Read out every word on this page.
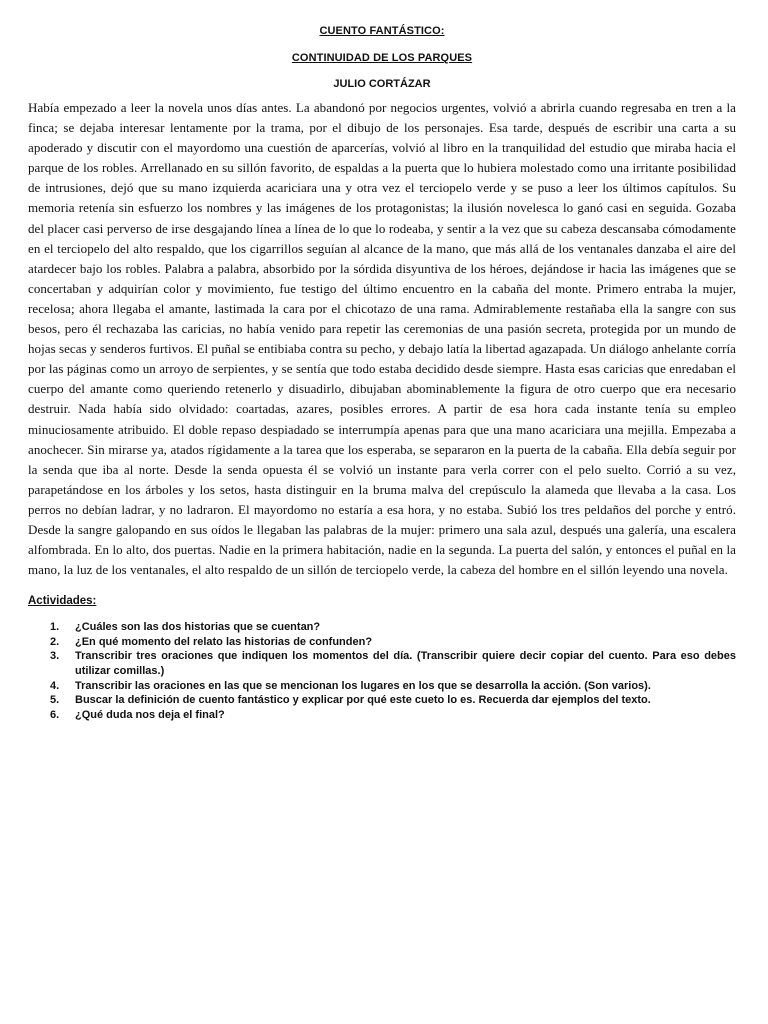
CUENTO FANTÁSTICO:

CONTINUIDAD DE LOS PARQUES

JULIO CORTÁZAR

Había empezado a leer la novela unos días antes. La abandonó por negocios urgentes, volvió a abrirla cuando regresaba en tren a la finca; se dejaba interesar lentamente por la trama, por el dibujo de los personajes. Esa tarde, después de escribir una carta a su apoderado y discutir con el mayordomo una cuestión de aparcerías, volvió al libro en la tranquilidad del estudio que miraba hacia el parque de los robles. Arrellanado en su sillón favorito, de espaldas a la puerta que lo hubiera molestado como una irritante posibilidad de intrusiones, dejó que su mano izquierda acariciara una y otra vez el terciopelo verde y se puso a leer los últimos capítulos. Su memoria retenía sin esfuerzo los nombres y las imágenes de los protagonistas; la ilusión novelesca lo ganó casi en seguida. Gozaba del placer casi perverso de irse desgajando línea a línea de lo que lo rodeaba, y sentir a la vez que su cabeza descansaba cómodamente en el terciopelo del alto respaldo, que los cigarrillos seguían al alcance de la mano, que más allá de los ventanales danzaba el aire del atardecer bajo los robles. Palabra a palabra, absorbido por la sórdida disyuntiva de los héroes, dejándose ir hacia las imágenes que se concertaban y adquirían color y movimiento, fue testigo del último encuentro en la cabaña del monte. Primero entraba la mujer, recelosa; ahora llegaba el amante, lastimada la cara por el chicotazo de una rama. Admirablemente restañaba ella la sangre con sus besos, pero él rechazaba las caricias, no había venido para repetir las ceremonias de una pasión secreta, protegida por un mundo de hojas secas y senderos furtivos. El puñal se entibiaba contra su pecho, y debajo latía la libertad agazapada. Un diálogo anhelante corría por las páginas como un arroyo de serpientes, y se sentía que todo estaba decidido desde siempre. Hasta esas caricias que enredaban el cuerpo del amante como queriendo retenerlo y disuadirlo, dibujaban abominablemente la figura de otro cuerpo que era necesario destruir. Nada había sido olvidado: coartadas, azares, posibles errores. A partir de esa hora cada instante tenía su empleo minuciosamente atribuido. El doble repaso despiadado se interrumpía apenas para que una mano acariciara una mejilla. Empezaba a anochecer. Sin mirarse ya, atados rígidamente a la tarea que los esperaba, se separaron en la puerta de la cabaña. Ella debía seguir por la senda que iba al norte. Desde la senda opuesta él se volvió un instante para verla correr con el pelo suelto. Corrió a su vez, parapetándose en los árboles y los setos, hasta distinguir en la bruma malva del crepúsculo la alameda que llevaba a la casa. Los perros no debían ladrar, y no ladraron. El mayordomo no estaría a esa hora, y no estaba. Subió los tres peldaños del porche y entró. Desde la sangre galopando en sus oídos le llegaban las palabras de la mujer: primero una sala azul, después una galería, una escalera alfombrada. En lo alto, dos puertas. Nadie en la primera habitación, nadie en la segunda. La puerta del salón, y entonces el puñal en la mano, la luz de los ventanales, el alto respaldo de un sillón de terciopelo verde, la cabeza del hombre en el sillón leyendo una novela.

Actividades:

1.	¿Cuáles son las dos historias que se cuentan?
2.	¿En qué momento del relato las historias de confunden?
3.	Transcribir tres oraciones que indiquen los momentos del día. (Transcribir quiere decir copiar del cuento. Para eso debes utilizar comillas.)
4.	Transcribir las oraciones en las que se mencionan los lugares en los que se desarrolla la acción. (Son varios).
5.	Buscar la definición de cuento fantástico y explicar por qué este cueto lo es. Recuerda dar ejemplos del texto.
6.	¿Qué duda nos deja el final?
